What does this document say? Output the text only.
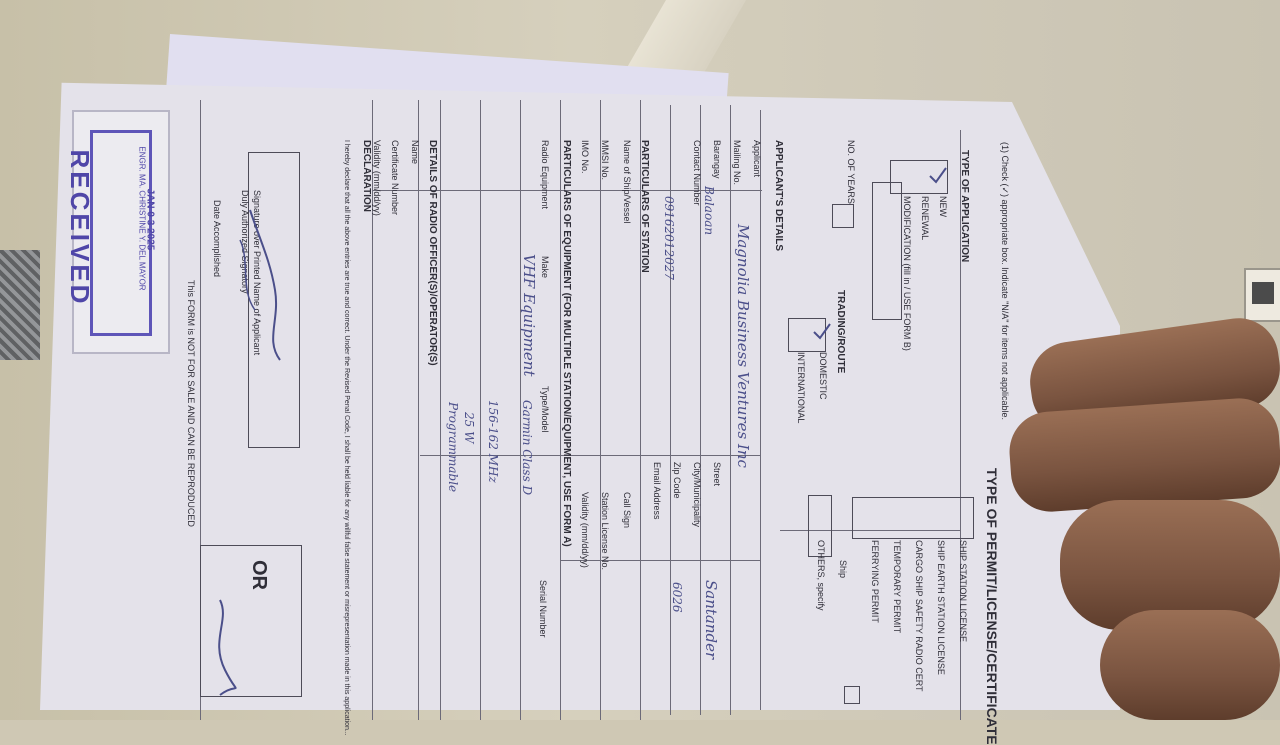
RECEIVED	ENGR. MA. CHRISTINE Y. DEL MAYOR
JAN 0 3 2025
TYPE OF PERMIT/LICENSE/CERTIFICATE
(1) Check (✓) appropriate box. Indicate "N/A" for items not applicable.
TYPE OF APPLICATION
NEW
RENEWAL
MODIFICATION (fill in / USE FORM B)
NO. OF YEARS
TRADING/ROUTE
DOMESTIC
INTERNATIONAL
SHIP STATION LICENSE
SHIP EARTH STATION LICENSE
CARGO SHIP SAFETY RADIO CERT
TEMPORARY PERMIT
FERRYING PERMIT
Ship
OTHERS, specify
APPLICANT'S DETAILS
Applicant
Mailing No.
Barangay
Street
City/Municipality
Contact Number
Zip Code
Email Address
Magnolia Business Ventures Inc
Balaoan
Santander
09162012027
6026
PARTICULARS OF STATION
Name of Ship/Vessel
Call Sign
MMSI No.
Station License No.
IMO No.
Validity (mm/dd/yy)
PARTICULARS OF EQUIPMENT (FOR MULTIPLE STATION/EQUIPMENT, USE FORM A)
Radio Equipment
Make
Type/Model
Serial Number
VHF Equipment
Garmin Class D
156-162 MHz
25 W
Programmable
DETAILS OF RADIO OFFICER(S)/OPERATOR(S)
Name
Certificate Number
Validity (mm/dd/yy)
DECLARATION
I hereby declare that all the above entries are true and correct. Under the Revised Penal Code, I shall be held liable for any willful false statement or misrepresentation made in this application...
Signature over Printed Name of Applicant
Duly Authorized Signatory
Date Accomplished
This FORM is NOT FOR SALE AND CAN BE REPRODUCED
OR
